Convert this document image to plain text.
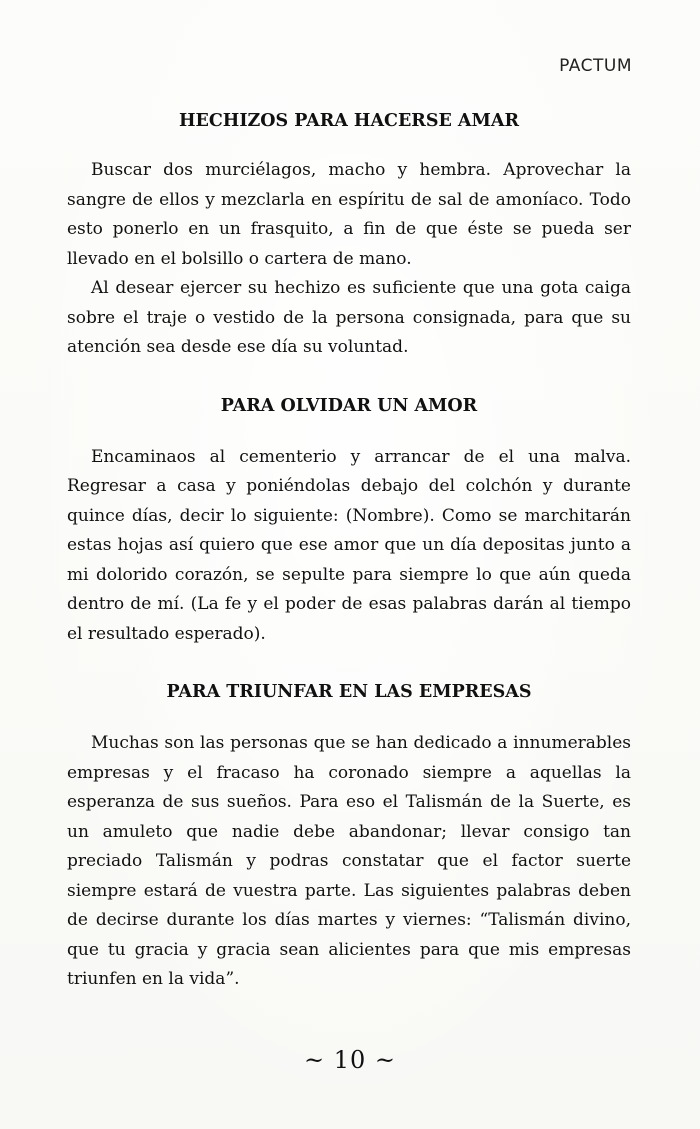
PACTUM
HECHIZOS PARA HACERSE AMAR

Buscar dos murciélagos, macho y hembra. Aprovechar la sangre de ellos y mezclarla en espíritu de sal de amoníaco. Todo esto ponerlo en un frasquito, a fin de que éste se pueda ser llevado en el bolsillo o cartera de mano.

Al desear ejercer su hechizo es suficiente que una gota caiga sobre el traje o vestido de la persona consignada, para que su atención sea desde ese día su voluntad.

PARA OLVIDAR UN AMOR

Encaminaos al cementerio y arrancar de el una malva. Regresar a casa y poniéndolas debajo del colchón y durante quince días, decir lo siguiente: (Nombre). Como se marchitarán estas hojas así quiero que ese amor que un día depositas junto a mi dolorido corazón, se sepulte para siempre lo que aún queda dentro de mí. (La fe y el poder de esas palabras darán al tiempo el resultado esperado).

PARA TRIUNFAR EN LAS EMPRESAS

Muchas son las personas que se han dedicado a innumerables empresas y el fracaso ha coronado siempre a aquellas la esperanza de sus sueños. Para eso el Talismán de la Suerte, es un amuleto que nadie debe abandonar; llevar consigo tan preciado Talismán y podras constatar que el factor suerte siempre estará de vuestra parte. Las siguientes palabras deben de decirse durante los días martes y viernes: “Talismán divino, que tu gracia y gracia sean alicientes para que mis empresas triunfen en la vida”.

~ 10 ~
